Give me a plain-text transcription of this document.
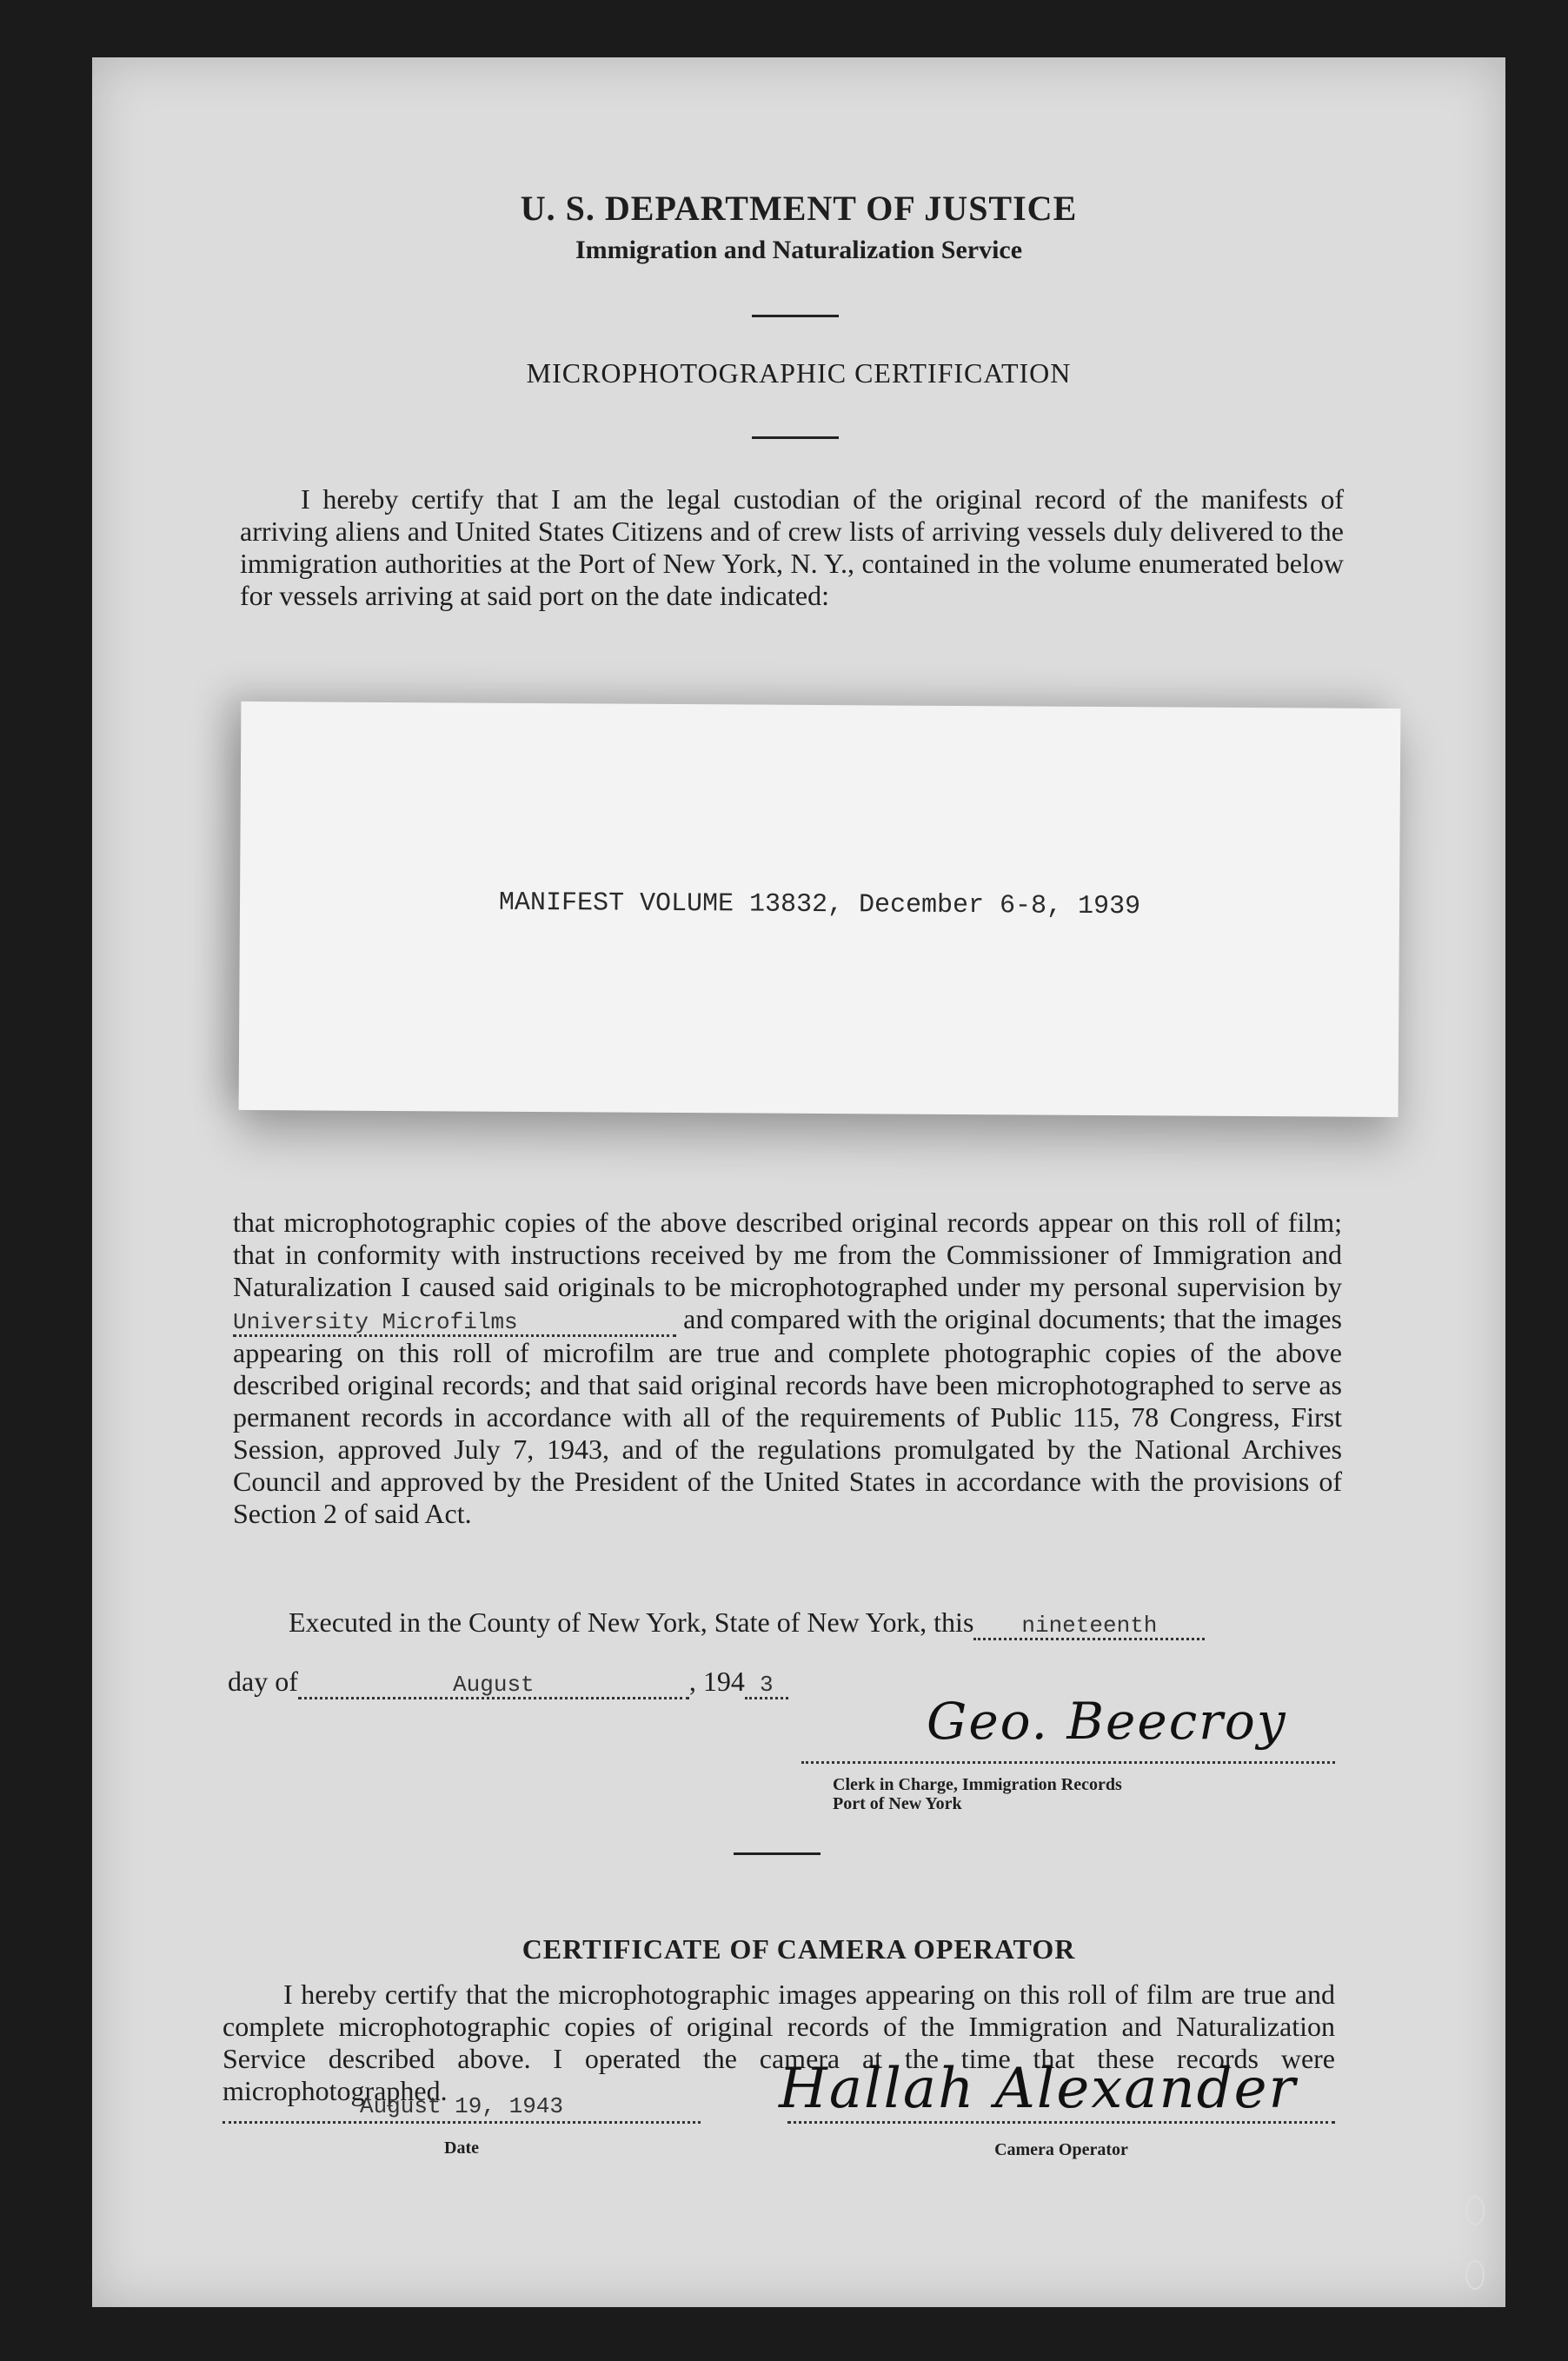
U. S. DEPARTMENT OF JUSTICE
Immigration and Naturalization Service
MICROPHOTOGRAPHIC CERTIFICATION
I hereby certify that I am the legal custodian of the original record of the manifests of arriving aliens and United States Citizens and of crew lists of arriving vessels duly delivered to the immigration authorities at the Port of New York, N. Y., contained in the volume enumerated below for vessels arriving at said port on the date indicated:
MANIFEST VOLUME 13832, December 6-8, 1939
that microphotographic copies of the above described original records appear on this roll of film; that in conformity with instructions received by me from the Commissioner of Immigration and Naturalization I caused said originals to be microphotographed under my personal supervision by University Microfilms	and compared with the original documents; that the images appearing on this roll of microfilm are true and complete photographic copies of the above described original records; and that said original records have been microphotographed to serve as permanent records in accordance with all of the requirements of Public 115, 78 Congress, First Session, approved July 7, 1943, and of the regulations promulgated by the National Archives Council and approved by the President of the United States in accordance with the provisions of Section 2 of said Act.
Executed in the County of New York, State of New York, this nineteenth
day of	August	, 194 3
Geo. Beecroy
Clerk in Charge, Immigration Records
Port of New York
CERTIFICATE OF CAMERA OPERATOR
I hereby certify that the microphotographic images appearing on this roll of film are true and complete microphotographic copies of original records of the Immigration and Naturalization Service described above. I operated the camera at the time that these records were microphotographed.
August 19, 1943
Date
Hallah Alexander
Camera Operator
